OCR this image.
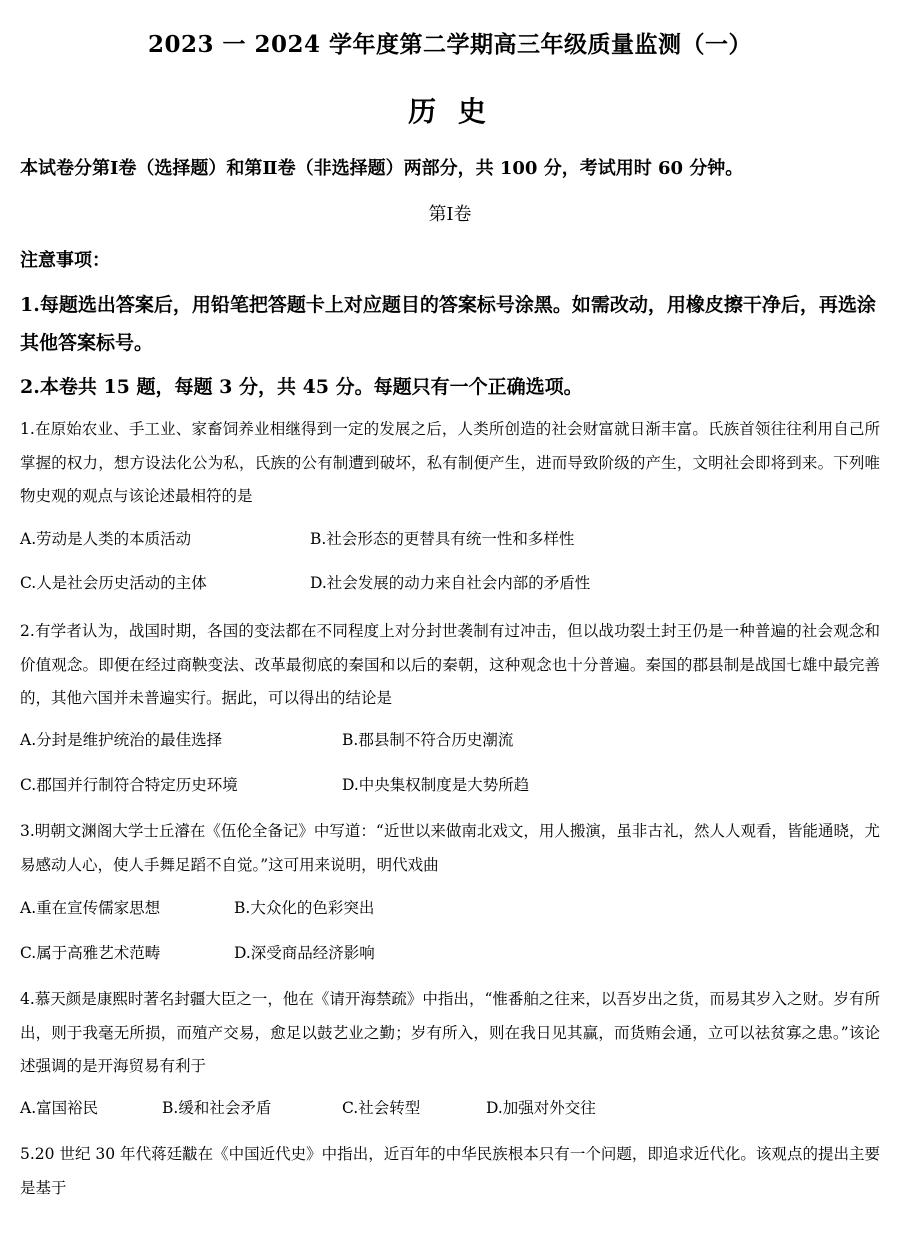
2023 一 2024 学年度第二学期高三年级质量监测（一）
历 史
本试卷分第Ⅰ卷（选择题）和第Ⅱ卷（非选择题）两部分，共 100 分，考试用时 60 分钟。
第Ⅰ卷
注意事项：
1.每题选出答案后，用铅笔把答题卡上对应题目的答案标号涂黑。如需改动，用橡皮擦干净后，再选涂其他答案标号。
2.本卷共 15 题，每题 3 分，共 45 分。每题只有一个正确选项。
1.在原始农业、手工业、家畜饲养业相继得到一定的发展之后，人类所创造的社会财富就日渐丰富。氏族首领往往利用自己所掌握的权力，想方设法化公为私，氏族的公有制遭到破坏，私有制便产生，进而导致阶级的产生，文明社会即将到来。下列唯物史观的观点与该论述最相符的是
A.劳动是人类的本质活动	B.社会形态的更替具有统一性和多样性
C.人是社会历史活动的主体	D.社会发展的动力来自社会内部的矛盾性
2.有学者认为，战国时期，各国的变法都在不同程度上对分封世袭制有过冲击，但以战功裂土封王仍是一种普遍的社会观念和价值观念。即便在经过商鞅变法、改革最彻底的秦国和以后的秦朝，这种观念也十分普遍。秦国的郡县制是战国七雄中最完善的，其他六国并未普遍实行。据此，可以得出的结论是
A.分封是维护统治的最佳选择	B.郡县制不符合历史潮流
C.郡国并行制符合特定历史环境	D.中央集权制度是大势所趋
3.明朝文渊阁大学士丘濬在《伍伦全备记》中写道：“近世以来做南北戏文，用人搬演，虽非古礼，然人人观看，皆能通晓，尤易感动人心，使人手舞足蹈不自觉。”这可用来说明，明代戏曲
A.重在宣传儒家思想	B.大众化的色彩突出
C.属于高雅艺术范畴	D.深受商品经济影响
4.慕天颜是康熙时著名封疆大臣之一，他在《请开海禁疏》中指出，“惟番舶之往来，以吾岁出之货，而易其岁入之财。岁有所出，则于我毫无所损，而殖产交易，愈足以鼓艺业之勤；岁有所入，则在我日见其赢，而货贿会通，立可以祛贫寡之患。”该论述强调的是开海贸易有利于
A.富国裕民	B.缓和社会矛盾	C.社会转型	D.加强对外交往
5.20 世纪 30 年代蒋廷黻在《中国近代史》中指出，近百年的中华民族根本只有一个问题，即追求近代化。该观点的提出主要是基于
